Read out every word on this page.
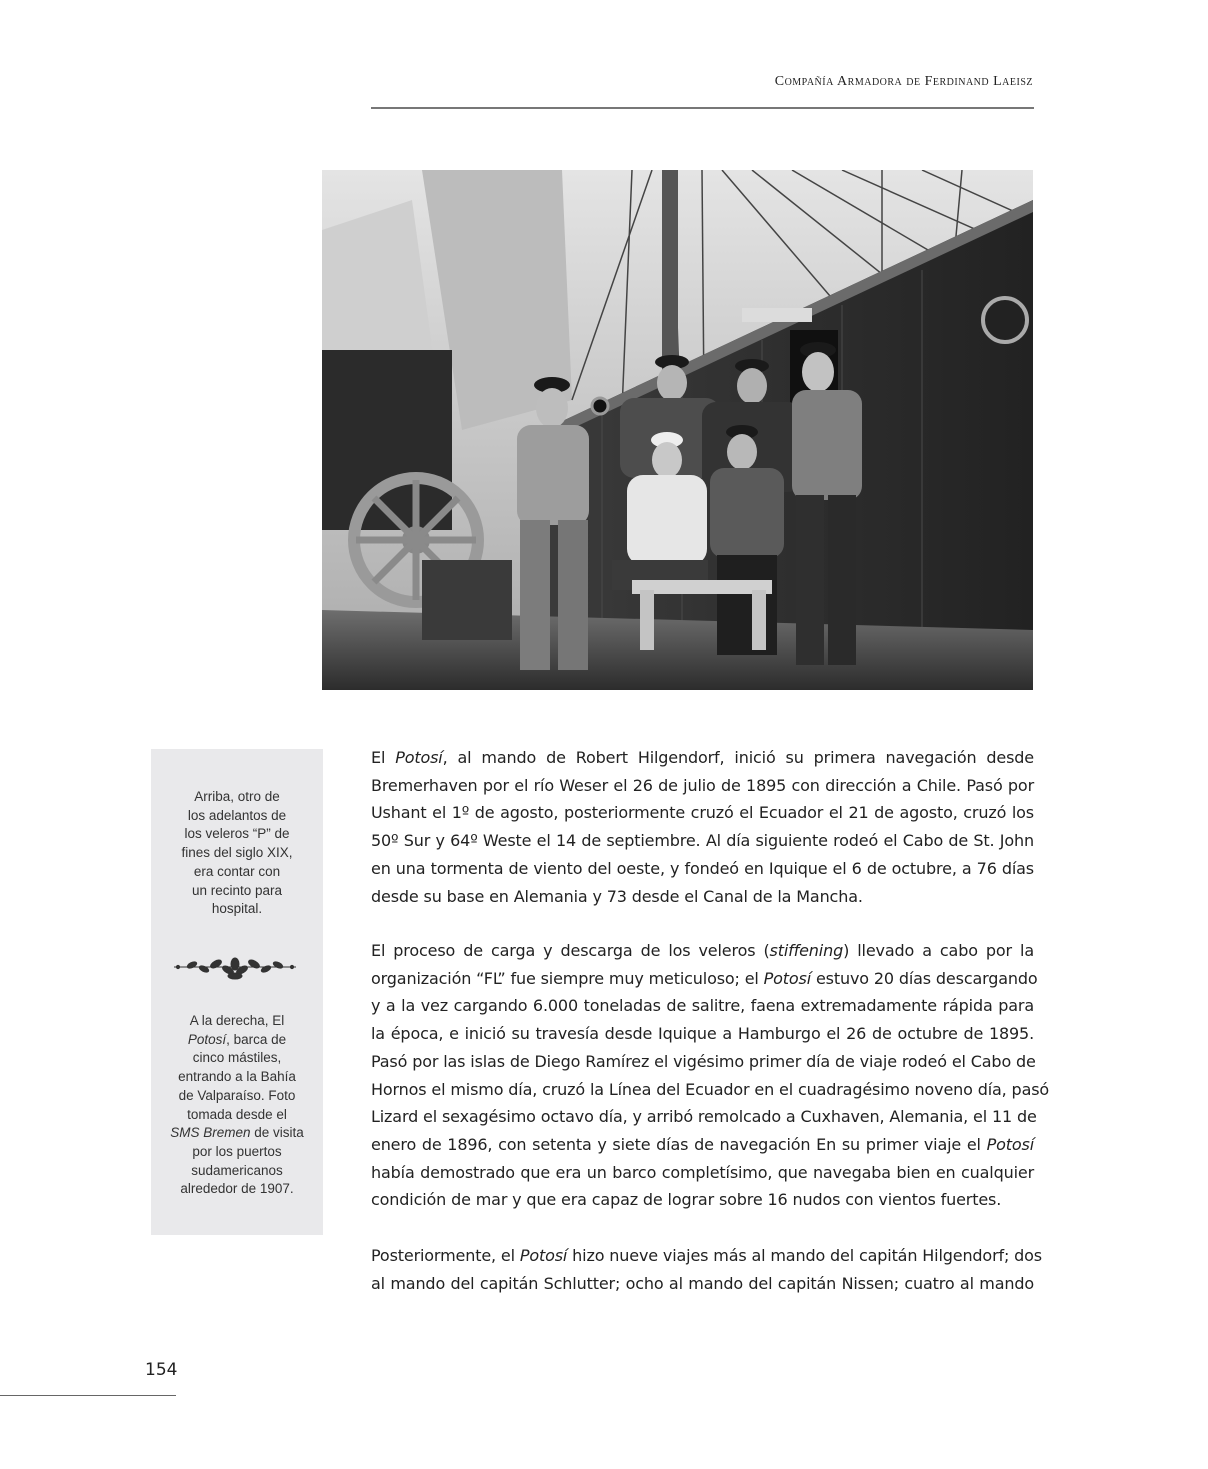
Compañía Armadora de Ferdinand Laeisz
Arriba, otro de
los adelantos de
los veleros “P” de
fines del siglo XIX,
era contar con
un recinto para
hospital.
A la derecha, El
Potosí, barca de
cinco mástiles,
entrando a la Bahía
de Valparaíso. Foto
tomada desde el
SMS Bremen de visita
por los puertos
sudamericanos
alrededor de 1907.
El Potosí, al mando de Robert Hilgendorf, inició su primera navegación desde
Bremerhaven por el río Weser el 26 de julio de 1895 con dirección a Chile. Pasó por
Ushant el 1º de agosto, posteriormente cruzó el Ecuador el 21 de agosto, cruzó los
50º Sur y 64º Weste el 14 de septiembre. Al día siguiente rodeó el Cabo de St. John
en una tormenta de viento del oeste, y fondeó en Iquique el 6 de octubre, a 76 días
desde su base en Alemania y 73 desde el Canal de la Mancha.
El proceso de carga y descarga de los veleros (stiffening) llevado a cabo por la
organización “FL” fue siempre muy meticuloso; el Potosí estuvo 20 días descargando
y a la vez cargando 6.000 toneladas de salitre, faena extremadamente rápida para
la época, e inició su travesía desde Iquique a Hamburgo el 26 de octubre de 1895.
Pasó por las islas de Diego Ramírez el vigésimo primer día de viaje rodeó el Cabo de
Hornos el mismo día, cruzó la Línea del Ecuador en el cuadragésimo noveno día, pasó
Lizard el sexagésimo octavo día, y arribó remolcado a Cuxhaven, Alemania, el 11 de
enero de 1896, con setenta y siete días de navegación En su primer viaje el Potosí
había demostrado que era un barco completísimo, que navegaba bien en cualquier
condición de mar y que era capaz de lograr sobre 16 nudos con vientos fuertes.
Posteriormente, el Potosí hizo nueve viajes más al mando del capitán Hilgendorf; dos
al mando del capitán Schlutter; ocho al mando del capitán Nissen; cuatro al mando
154
